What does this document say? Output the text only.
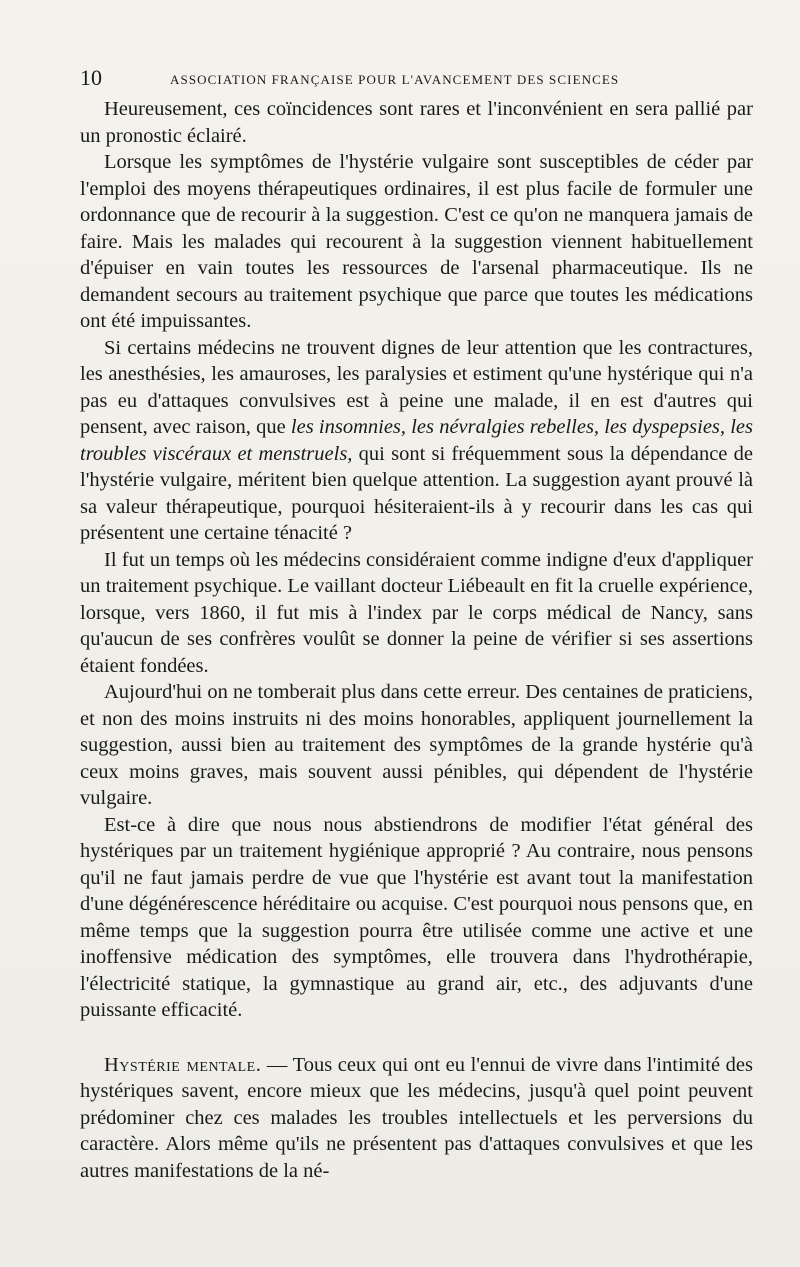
10	ASSOCIATION FRANÇAISE POUR L'AVANCEMENT DES SCIENCES

Heureusement, ces coïncidences sont rares et l'inconvénient en sera pallié par un pronostic éclairé.

Lorsque les symptômes de l'hystérie vulgaire sont susceptibles de céder par l'emploi des moyens thérapeutiques ordinaires, il est plus facile de formuler une ordonnance que de recourir à la suggestion. C'est ce qu'on ne manquera jamais de faire. Mais les malades qui recourent à la suggestion viennent habituellement d'épuiser en vain toutes les ressources de l'arsenal pharmaceutique. Ils ne demandent secours au traitement psychique que parce que toutes les médications ont été impuissantes.

Si certains médecins ne trouvent dignes de leur attention que les contractures, les anesthésies, les amauroses, les paralysies et estiment qu'une hystérique qui n'a pas eu d'attaques convulsives est à peine une malade, il en est d'autres qui pensent, avec raison, que les insomnies, les névralgies rebelles, les dyspepsies, les troubles viscéraux et menstruels, qui sont si fréquemment sous la dépendance de l'hystérie vulgaire, méritent bien quelque attention. La suggestion ayant prouvé là sa valeur thérapeutique, pourquoi hésiteraient-ils à y recourir dans les cas qui présentent une certaine ténacité ?

Il fut un temps où les médecins considéraient comme indigne d'eux d'appliquer un traitement psychique. Le vaillant docteur Liébeault en fit la cruelle expérience, lorsque, vers 1860, il fut mis à l'index par le corps médical de Nancy, sans qu'aucun de ses confrères voulût se donner la peine de vérifier si ses assertions étaient fondées.

Aujourd'hui on ne tomberait plus dans cette erreur. Des centaines de praticiens, et non des moins instruits ni des moins honorables, appliquent journellement la suggestion, aussi bien au traitement des symptômes de la grande hystérie qu'à ceux moins graves, mais souvent aussi pénibles, qui dépendent de l'hystérie vulgaire.

Est-ce à dire que nous nous abstiendrons de modifier l'état général des hystériques par un traitement hygiénique approprié ? Au contraire, nous pensons qu'il ne faut jamais perdre de vue que l'hystérie est avant tout la manifestation d'une dégénérescence héréditaire ou acquise. C'est pourquoi nous pensons que, en même temps que la suggestion pourra être utilisée comme une active et une inoffensive médication des symptômes, elle trouvera dans l'hydrothérapie, l'électricité statique, la gymnastique au grand air, etc., des adjuvants d'une puissante efficacité.

Hystérie mentale. — Tous ceux qui ont eu l'ennui de vivre dans l'intimité des hystériques savent, encore mieux que les médecins, jusqu'à quel point peuvent prédominer chez ces malades les troubles intellectuels et les perversions du caractère. Alors même qu'ils ne présentent pas d'attaques convulsives et que les autres manifestations de la né-
